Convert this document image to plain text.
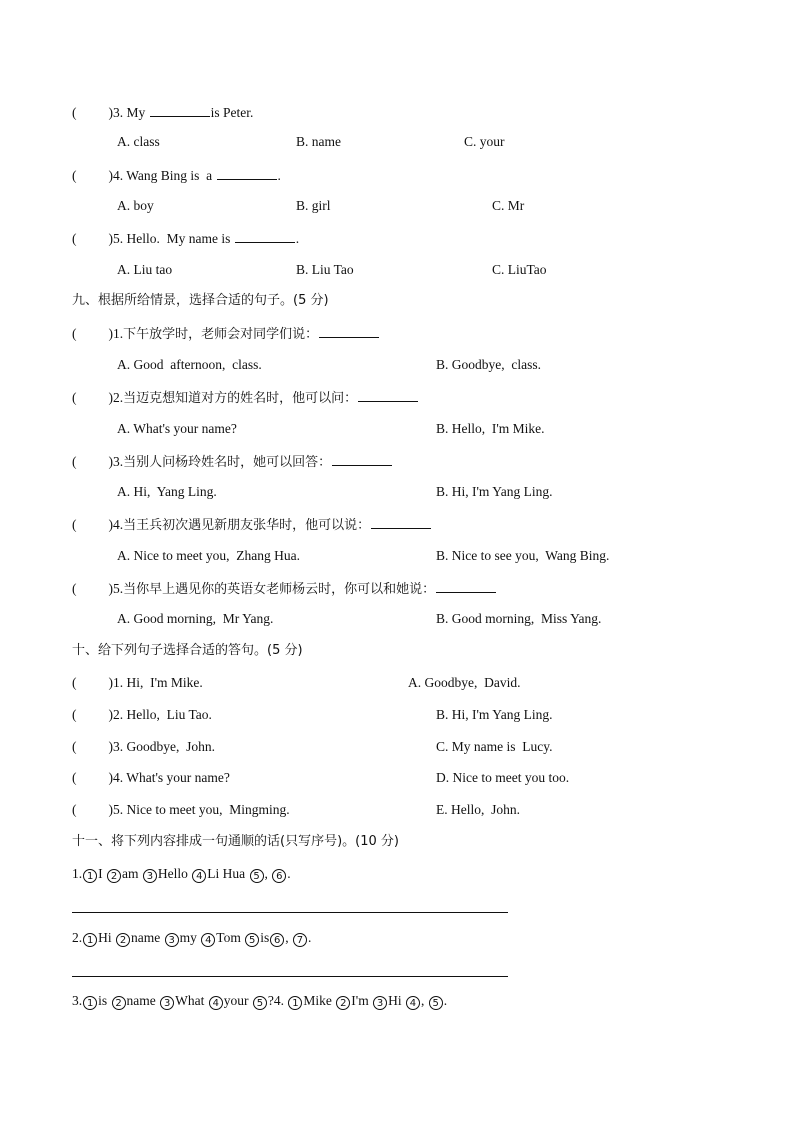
( )3. My	is Peter.
A. class	B. name	C. your
( )4. Wang Bing is  a	.
A. boy	B. girl	C. Mr
( )5. Hello.  My name is	.
A. Liu tao	B. Liu Tao	C. LiuTao
九、根据所给情景，选择合适的句子。(5 分)
( )1.下午放学时，老师会对同学们说：
A. Good  afternoon,  class.	B. Goodbye,  class.
( )2.当迈克想知道对方的姓名时，他可以问：
A. What's your name?	B. Hello,  I'm Mike.
( )3.当别人问杨玲姓名时，她可以回答：
A. Hi,  Yang Ling.	B. Hi, I'm Yang Ling.
( )4.当王兵初次遇见新朋友张华时，他可以说：
A. Nice to meet you,  Zhang Hua.	B. Nice to see you,  Wang Bing.
( )5.当你早上遇见你的英语女老师杨云时，你可以和她说：
A. Good morning,  Mr Yang.	B. Good morning,  Miss Yang.
十、给下列句子选择合适的答句。(5 分)
( )1. Hi,  I'm Mike.	A. Goodbye,  David.
( )2. Hello,  Liu Tao.	B. Hi, I'm Yang Ling.
( )3. Goodbye,  John.	C. My name is  Lucy.
( )4. What's your name?	D. Nice to meet you too.
( )5. Nice to meet you,  Mingming.	E. Hello,  John.
十一、将下列内容排成一句通顺的话(只写序号)。(10 分)
1. 1 I 2 am 3 Hello 4 Li Hua 5 , 6 .
2. 1 Hi 2 name 3 my 4 Tom 5 is 6 , 7 .
3. 1 is 2 name 3 What 4 your 5 ?4. 1 Mike 2 I'm 3 Hi 4 , 5 .
